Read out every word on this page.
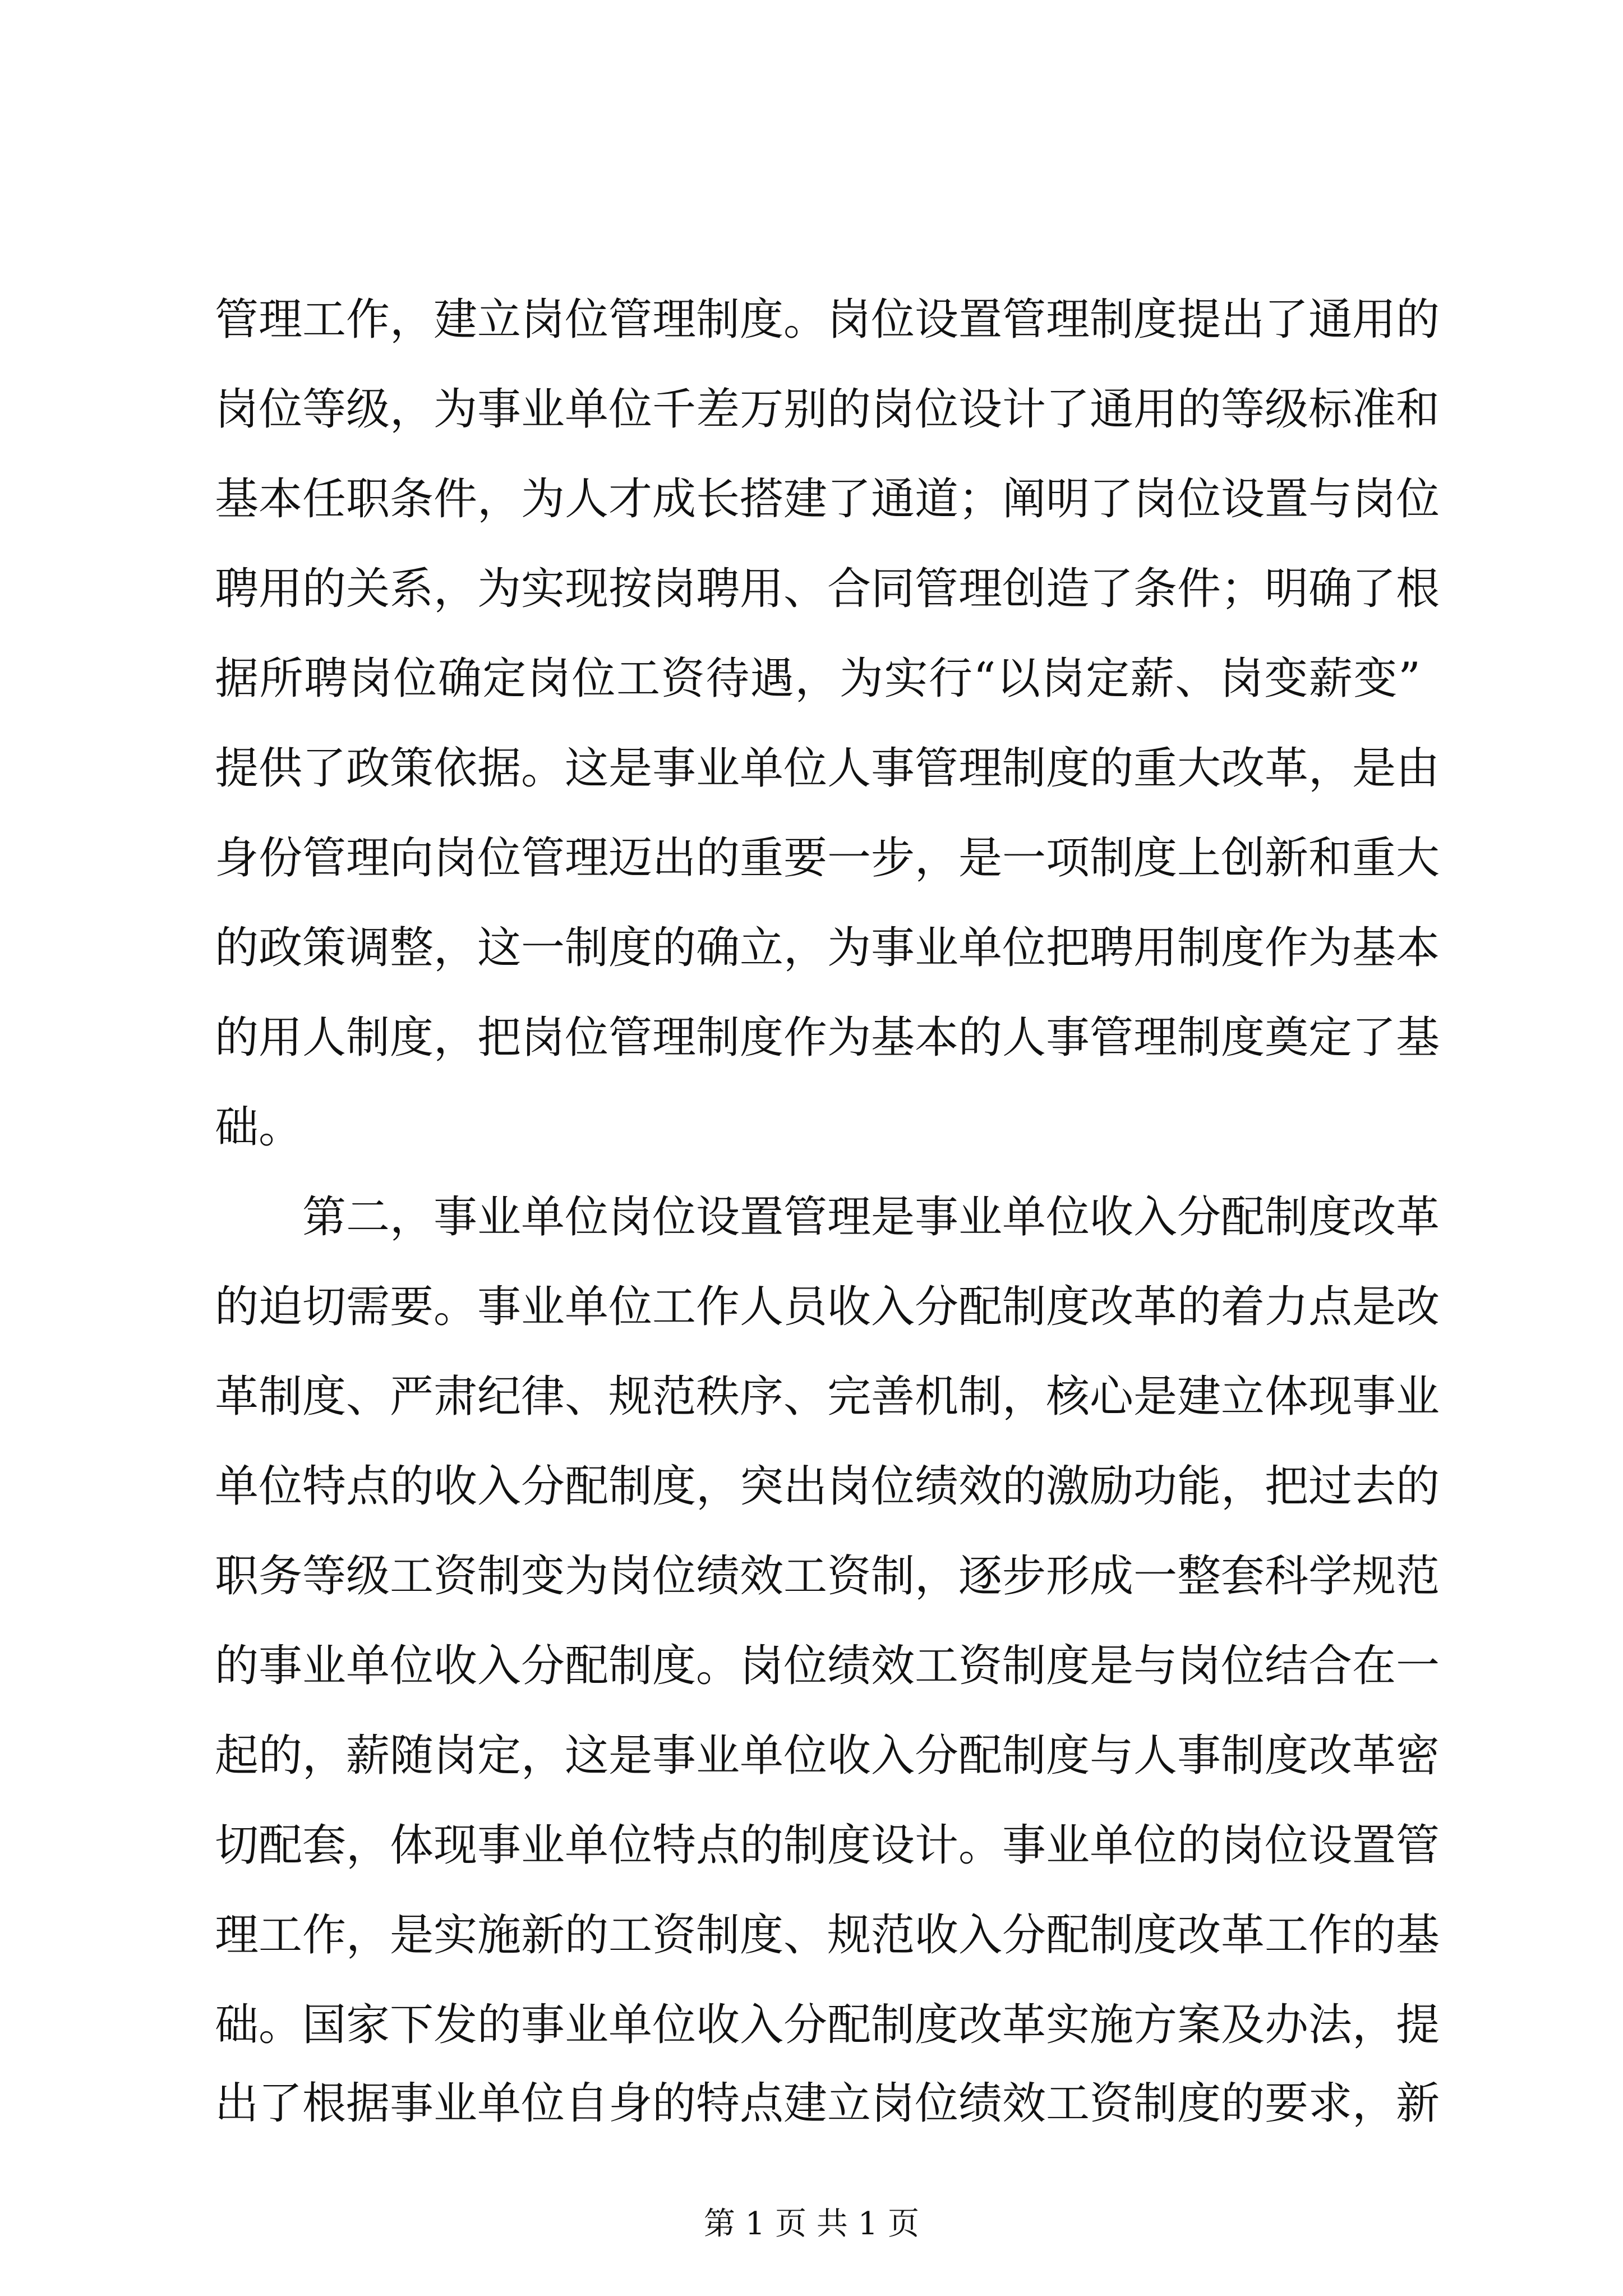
管理工作，建立岗位管理制度。岗位设置管理制度提出了通用的
岗位等级，为事业单位千差万别的岗位设计了通用的等级标准和
基本任职条件，为人才成长搭建了通道；阐明了岗位设置与岗位
聘用的关系，为实现按岗聘用、合同管理创造了条件；明确了根
据所聘岗位确定岗位工资待遇，为实行“以岗定薪、岗变薪变”
提供了政策依据。这是事业单位人事管理制度的重大改革，是由
身份管理向岗位管理迈出的重要一步，是一项制度上创新和重大
的政策调整，这一制度的确立，为事业单位把聘用制度作为基本
的用人制度，把岗位管理制度作为基本的人事管理制度奠定了基
础。
　　第二，事业单位岗位设置管理是事业单位收入分配制度改革
的迫切需要。事业单位工作人员收入分配制度改革的着力点是改
革制度、严肃纪律、规范秩序、完善机制，核心是建立体现事业
单位特点的收入分配制度，突出岗位绩效的激励功能，把过去的
职务等级工资制变为岗位绩效工资制，逐步形成一整套科学规范
的事业单位收入分配制度。岗位绩效工资制度是与岗位结合在一
起的，薪随岗定，这是事业单位收入分配制度与人事制度改革密
切配套，体现事业单位特点的制度设计。事业单位的岗位设置管
理工作，是实施新的工资制度、规范收入分配制度改革工作的基
础。国家下发的事业单位收入分配制度改革实施方案及办法，提
出了根据事业单位自身的特点建立岗位绩效工资制度的要求，新
第 1 页 共 1 页
